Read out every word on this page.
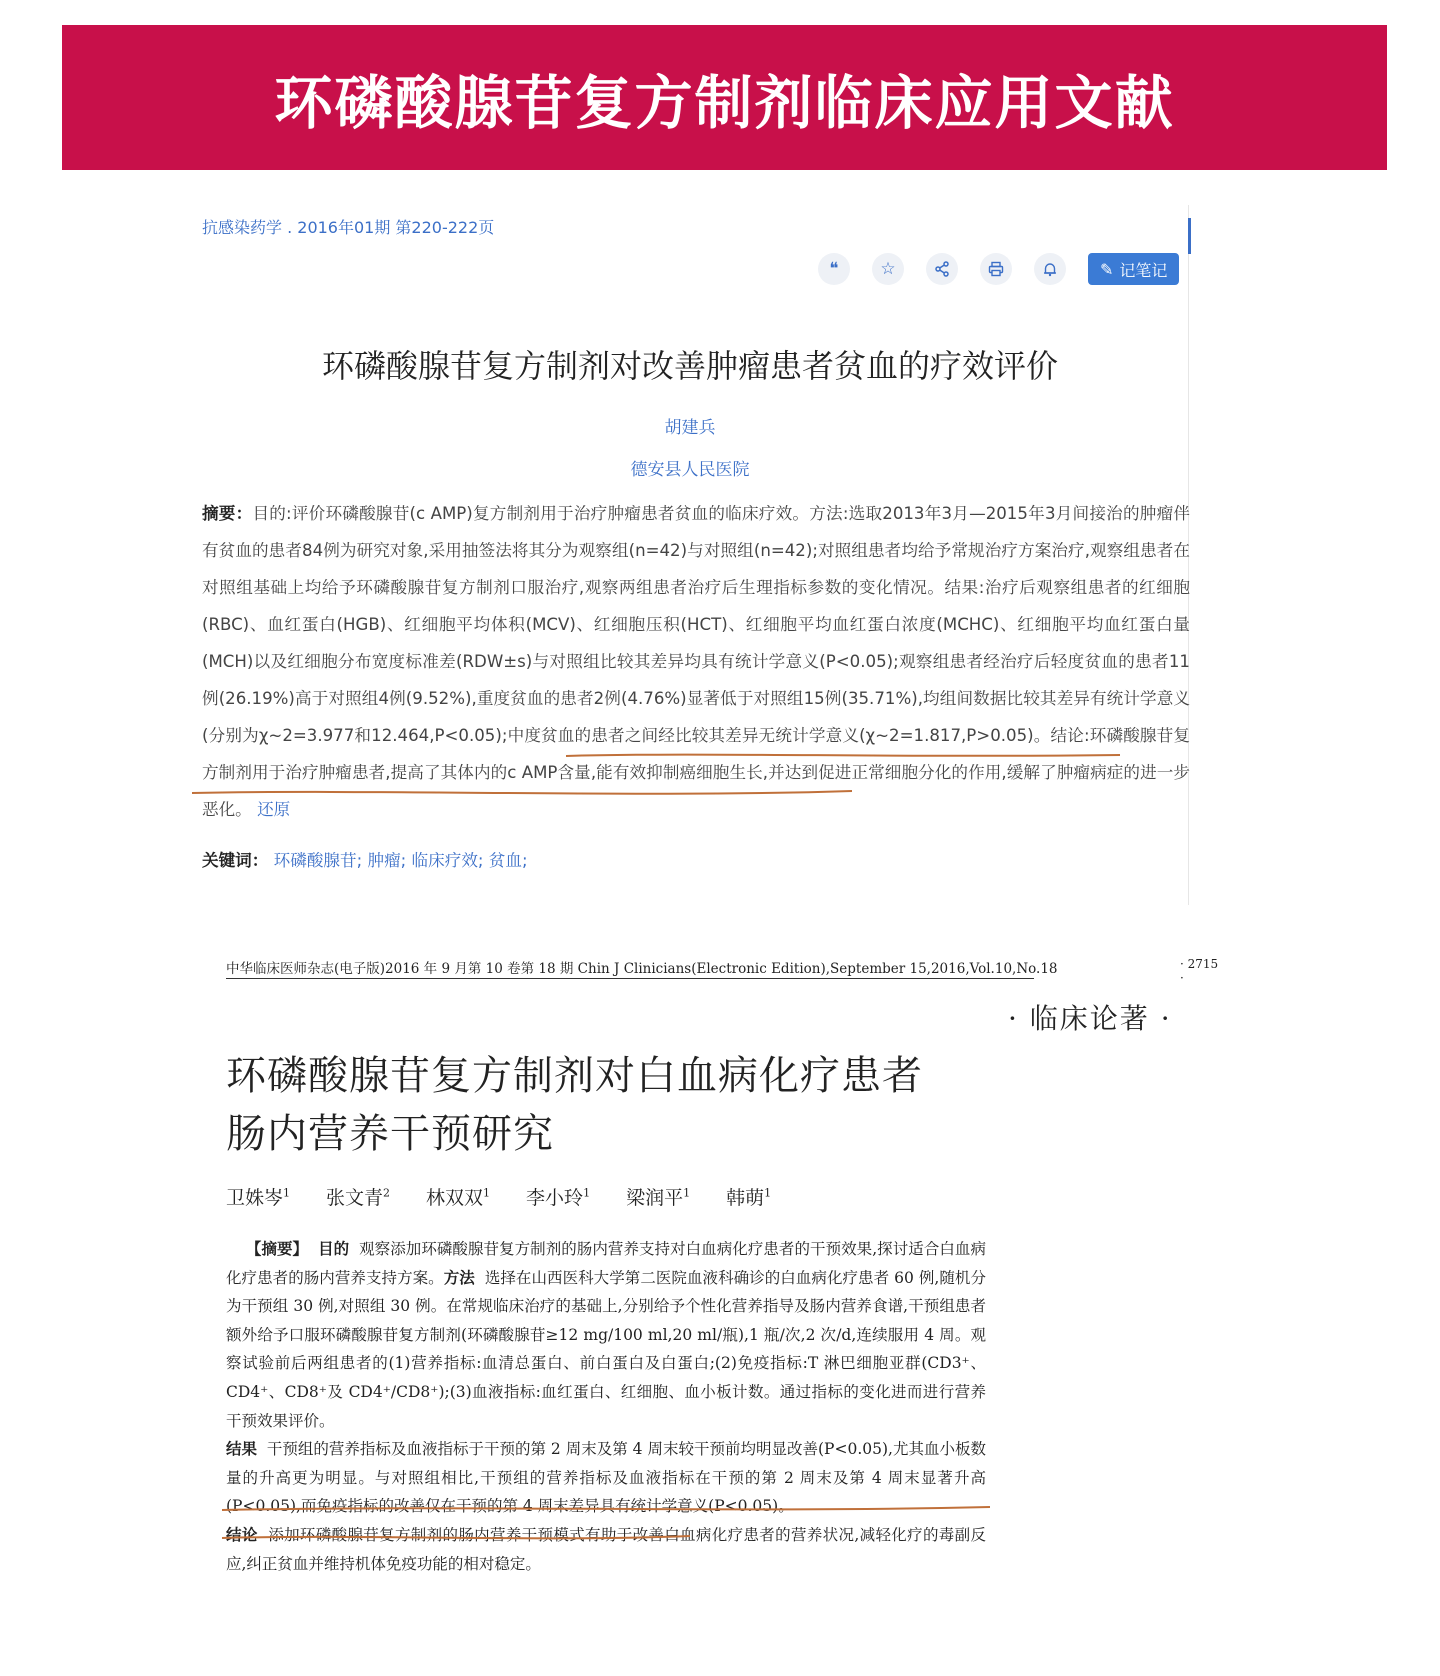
环磷酸腺苷复方制剂临床应用文献
抗感染药学 . 2016年01期 第220-222页
❝	☆	✎ 记笔记
环磷酸腺苷复方制剂对改善肿瘤患者贫血的疗效评价
胡建兵
德安县人民医院
摘要：目的:评价环磷酸腺苷(c AMP)复方制剂用于治疗肿瘤患者贫血的临床疗效。方法:选取2013年3月—2015年3月间接治的肿瘤伴有贫血的患者84例为研究对象,采用抽签法将其分为观察组(n=42)与对照组(n=42);对照组患者均给予常规治疗方案治疗,观察组患者在对照组基础上均给予环磷酸腺苷复方制剂口服治疗,观察两组患者治疗后生理指标参数的变化情况。结果:治疗后观察组患者的红细胞(RBC)、血红蛋白(HGB)、红细胞平均体积(MCV)、红细胞压积(HCT)、红细胞平均血红蛋白浓度(MCHC)、红细胞平均血红蛋白量(MCH)以及红细胞分布宽度标准差(RDW±s)与对照组比较其差异均具有统计学意义(P<0.05);观察组患者经治疗后轻度贫血的患者11例(26.19%)高于对照组4例(9.52%),重度贫血的患者2例(4.76%)显著低于对照组15例(35.71%),均组间数据比较其差异有统计学意义(分别为χ~2=3.977和12.464,P<0.05);中度贫血的患者之间经比较其差异无统计学意义(χ~2=1.817,P>0.05)。结论:环磷酸腺苷复方制剂用于治疗肿瘤患者,提高了其体内的c AMP含量,能有效抑制癌细胞生长,并达到促进正常细胞分化的作用,缓解了肿瘤病症的进一步恶化。 还原
关键词： 环磷酸腺苷; 肿瘤; 临床疗效; 贫血;
中华临床医师杂志(电子版)2016 年 9 月第 10 卷第 18 期 Chin J Clinicians(Electronic Edition),September 15,2016,Vol.10,No.18	· 2715 ·
· 临床论著 ·
环磷酸腺苷复方制剂对白血病化疗患者
肠内营养干预研究
卫姝岑$^1$ 张文青$^2$ 林双双$^1$ 李小玲$^1$ 梁润平$^1$ 韩萌$^1$
【摘要】 目的 观察添加环磷酸腺苷复方制剂的肠内营养支持对白血病化疗患者的干预效果,探讨适合白血病化疗患者的肠内营养支持方案。方法 选择在山西医科大学第二医院血液科确诊的白血病化疗患者 60 例,随机分为干预组 30 例,对照组 30 例。在常规临床治疗的基础上,分别给予个性化营养指导及肠内营养食谱,干预组患者额外给予口服环磷酸腺苷复方制剂(环磷酸腺苷≥12 mg/100 ml,20 ml/瓶),1 瓶/次,2 次/d,连续服用 4 周。观察试验前后两组患者的(1)营养指标:血清总蛋白、前白蛋白及白蛋白;(2)免疫指标:T 淋巴细胞亚群(CD3⁺、CD4⁺、CD8⁺及 CD4⁺/CD8⁺);(3)血液指标:血红蛋白、红细胞、血小板计数。通过指标的变化进而进行营养干预效果评价。
结果 干预组的营养指标及血液指标于干预的第 2 周末及第 4 周末较干预前均明显改善(P<0.05),尤其血小板数量的升高更为明显。与对照组相比,干预组的营养指标及血液指标在干预的第 2 周末及第 4 周末显著升高(P<0.05),而免疫指标的改善仅在干预的第 4 周末差异具有统计学意义(P<0.05)。
结论 添加环磷酸腺苷复方制剂的肠内营养干预模式有助于改善白血病化疗患者的营养状况,减轻化疗的毒副反应,纠正贫血并维持机体免疫功能的相对稳定。
